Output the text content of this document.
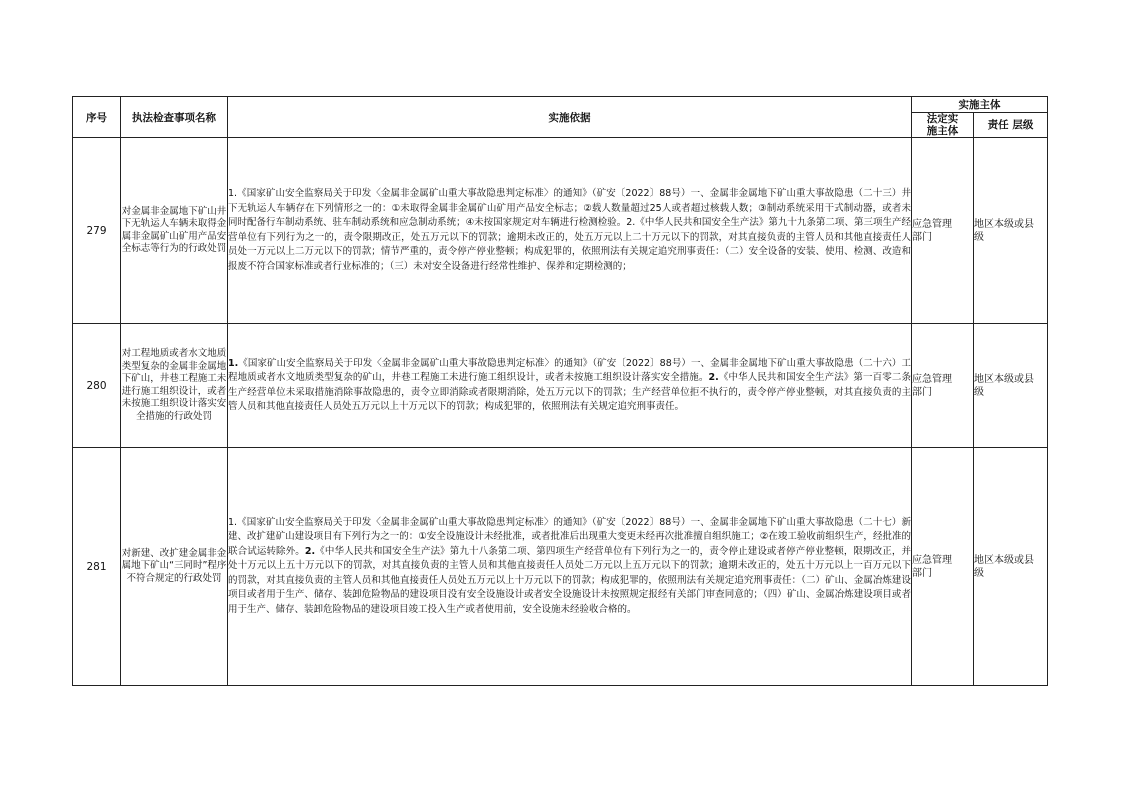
序号	执法检查事项名称	实施依据	实施主体	

			法定实施主体	责任 层级
279	对金属非金属地下矿山井下无轨运人车辆未取得金属非金属矿山矿用产品安全标志等行为的行政处罚	1.《国家矿山安全监察局关于印发〈金属非金属矿山重大事故隐患判定标准〉的通知》（矿安〔2022〕88号）一、金属非金属地下矿山重大事故隐患（二十三）井下无轨运人车辆存在下列情形之一的：①未取得金属非金属矿山矿用产品安全标志；②载人数量超过25人或者超过核载人数；③制动系统采用干式制动器，或者未同时配备行车制动系统、驻车制动系统和应急制动系统；④未按国家规定对车辆进行检测检验。2.《中华人民共和国安全生产法》第九十九条第二项、第三项生产经营单位有下列行为之一的，责令限期改正，处五万元以下的罚款；逾期未改正的，处五万元以上二十万元以下的罚款，对其直接负责的主管人员和其他直接责任人员处一万元以上二万元以下的罚款；情节严重的，责令停产停业整顿；构成犯罪的，依照刑法有关规定追究刑事责任：（二）安全设备的安装、使用、检测、改造和报废不符合国家标准或者行业标准的；（三）未对安全设备进行经常性维护、保养和定期检测的；	应急管理部门	地区本级或县级

280	对工程地质或者水文地质类型复杂的金属非金属地下矿山，井巷工程施工未进行施工组织设计，或者未按施工组织设计落实安全措施的行政处罚	1.《国家矿山安全监察局关于印发〈金属非金属矿山重大事故隐患判定标准〉的通知》（矿安〔2022〕88号）一、金属非金属地下矿山重大事故隐患（二十六）工程地质或者水文地质类型复杂的矿山，井巷工程施工未进行施工组织设计，或者未按施工组织设计落实安全措施。2.《中华人民共和国安全生产法》第一百零二条生产经营单位未采取措施消除事故隐患的，责令立即消除或者限期消除，处五万元以下的罚款；生产经营单位拒不执行的，责令停产停业整顿，对其直接负责的主管人员和其他直接责任人员处五万元以上十万元以下的罚款；构成犯罪的，依照刑法有关规定追究刑事责任。	应急管理部门	地区本级或县级

281	对新建、改扩建金属非金属地下矿山“三同时”程序不符合规定的行政处罚	1.《国家矿山安全监察局关于印发〈金属非金属矿山重大事故隐患判定标准〉的通知》（矿安〔2022〕88号）一、金属非金属地下矿山重大事故隐患（二十七）新建、改扩建矿山建设项目有下列行为之一的：①安全设施设计未经批准，或者批准后出现重大变更未经再次批准擅自组织施工；②在竣工验收前组织生产，经批准的联合试运转除外。2.《中华人民共和国安全生产法》第九十八条第二项、第四项生产经营单位有下列行为之一的，责令停止建设或者停产停业整顿，限期改正，并处十万元以上五十万元以下的罚款，对其直接负责的主管人员和其他直接责任人员处二万元以上五万元以下的罚款；逾期未改正的，处五十万元以上一百万元以下的罚款，对其直接负责的主管人员和其他直接责任人员处五万元以上十万元以下的罚款；构成犯罪的，依照刑法有关规定追究刑事责任：（二）矿山、金属冶炼建设项目或者用于生产、储存、装卸危险物品的建设项目没有安全设施设计或者安全设施设计未按照规定报经有关部门审查同意的；（四）矿山、金属冶炼建设项目或者用于生产、储存、装卸危险物品的建设项目竣工投入生产或者使用前，安全设施未经验收合格的。	应急管理部门	地区本级或县级
